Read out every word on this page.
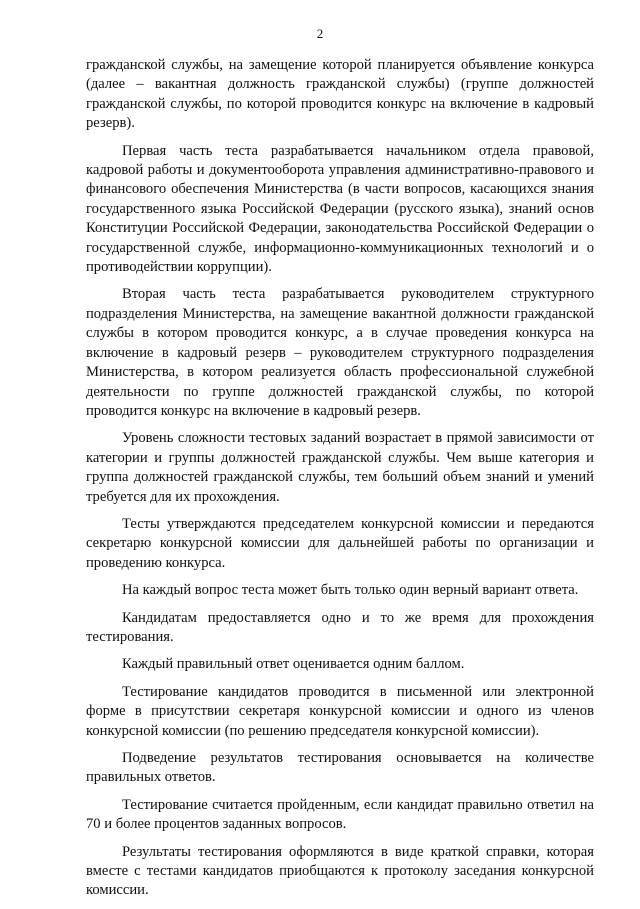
2

гражданской службы, на замещение которой планируется объявление конкурса (далее – вакантная должность гражданской службы) (группе должностей гражданской службы, по которой проводится конкурс на включение в кадровый резерв).

Первая часть теста разрабатывается начальником отдела правовой, кадровой работы и документооборота управления административно-правового и финансового обеспечения Министерства (в части вопросов, касающихся знания государственного языка Российской Федерации (русского языка), знаний основ Конституции Российской Федерации, законодательства Российской Федерации о государственной службе, информационно-коммуникационных технологий и о противодействии коррупции).

Вторая часть теста разрабатывается руководителем структурного подразделения Министерства, на замещение вакантной должности гражданской службы в котором проводится конкурс, а в случае проведения конкурса на включение в кадровый резерв – руководителем структурного подразделения Министерства, в котором реализуется область профессиональной служебной деятельности по группе должностей гражданской службы, по которой проводится конкурс на включение в кадровый резерв.

Уровень сложности тестовых заданий возрастает в прямой зависимости от категории и группы должностей гражданской службы. Чем выше категория и группа должностей гражданской службы, тем больший объем знаний и умений требуется для их прохождения.

Тесты утверждаются председателем конкурсной комиссии и передаются секретарю конкурсной комиссии для дальнейшей работы по организации и проведению конкурса.

На каждый вопрос теста может быть только один верный вариант ответа.

Кандидатам предоставляется одно и то же время для прохождения тестирования.

Каждый правильный ответ оценивается одним баллом.

Тестирование кандидатов проводится в письменной или электронной форме в присутствии секретаря конкурсной комиссии и одного из членов конкурсной комиссии (по решению председателя конкурсной комиссии).

Подведение результатов тестирования основывается на количестве правильных ответов.

Тестирование считается пройденным, если кандидат правильно ответил на 70 и более процентов заданных вопросов.

Результаты тестирования оформляются в виде краткой справки, которая вместе с тестами кандидатов приобщаются к протоколу заседания конкурсной комиссии.
